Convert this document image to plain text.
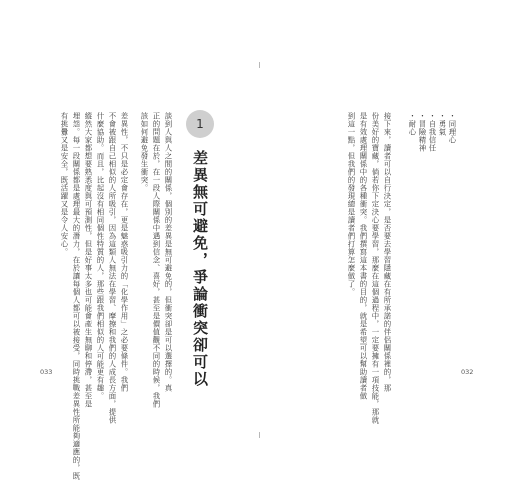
・同理心
・勇氣
・自我信任
・冒險精神
・耐心
接下來，讀者可以自行決定，是否要去學習隱藏在有所承諾的伴侶關係裡的，那
份美好的寶藏，倘若你下定決心要學習，那麼在這個過程中，一定要擁有一項技能，那就
是有效處理關係中的各種衝突。我們撰寫這本書的目的，就是希望可以幫助讀者做
到這一點，但我們的發現總是讀者們打算怎麼做了。
032
1
差異無可避免，爭論衝突卻可以
談到人與人之間的關係，個別的差異是無可避免的，但衝突卻是可以選擇的。真
正的問題在於，在一段人際關係中遇到信念、喜好，甚至是價值觀不同的時候，我們
該如何避免發生衝突。
差異性，不只是必定會存在，更是魅惑吸引力的「化學作用」之必要條件。我們
不會被跟自己相似的人所吸引，因為這類人無法在學習、摩擦和我們的人成長方面，提供
什麼協助。而且，比起沒有相同個性特質的人，那些跟我們相似的人可能更有趣。
縱然大家都想要熟悉度與可預測性，但是好事太多也可能會產生無聊和停滯，甚至是
埋怨。每一段關係都是處理最大的潛力，在於讓每個人都可以被接受，同時挑戰差異性所能夠適應的，既
有挑釁又是安全，既活躍又是令人安心。
033
